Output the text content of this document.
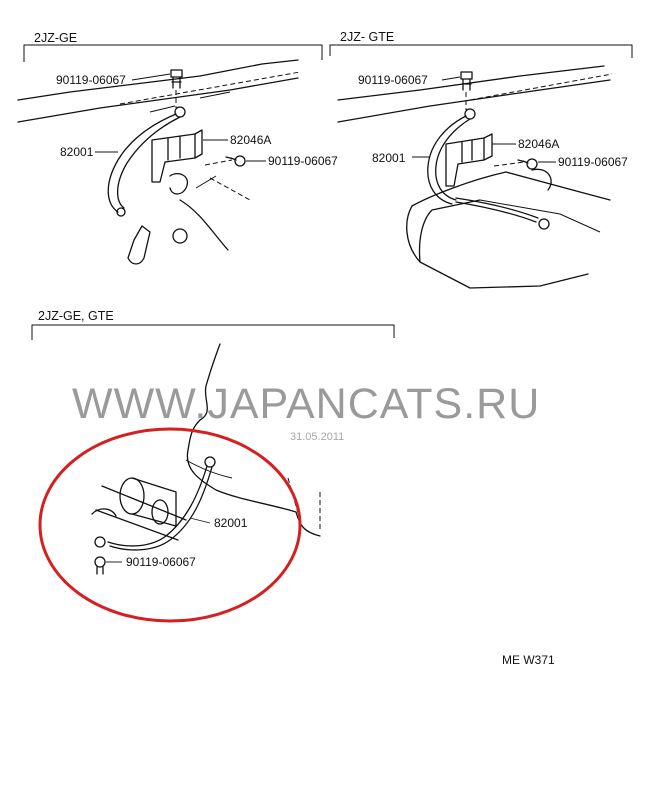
2JZ-GE
90119-06067
82046A
82001
90119-06067
2JZ- GTE
90119-06067
82046A
82001	90119-06067
2JZ-GE, GTE
82001
90119-06067
WWW.JAPANCATS.RU
31.05.2011
ME W371
